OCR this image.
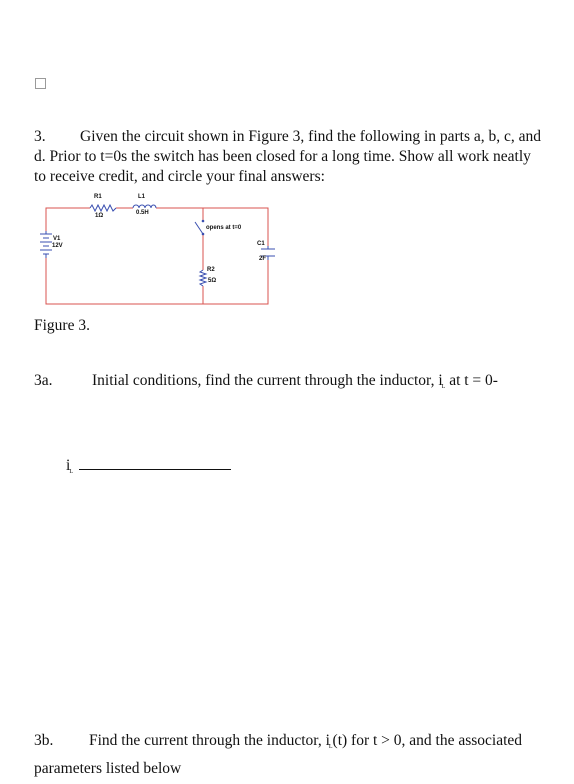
3. Given the circuit shown in Figure 3, find the following in parts a, b, c, and d. Prior to t=0s the switch has been closed for a long time. Show all work neatly to receive credit, and circle your final answers:
R1
1Ω
L1
0.5H
opens at t=0
V1
12V
R2
5Ω
C1
2F
Figure 3.
3a.	Initial conditions, find the current through the inductor, $i_L$ at t = 0-
$i_L$
3b. Find the current through the inductor, $i_L(t)$ for t > 0, and the associated parameters listed below
